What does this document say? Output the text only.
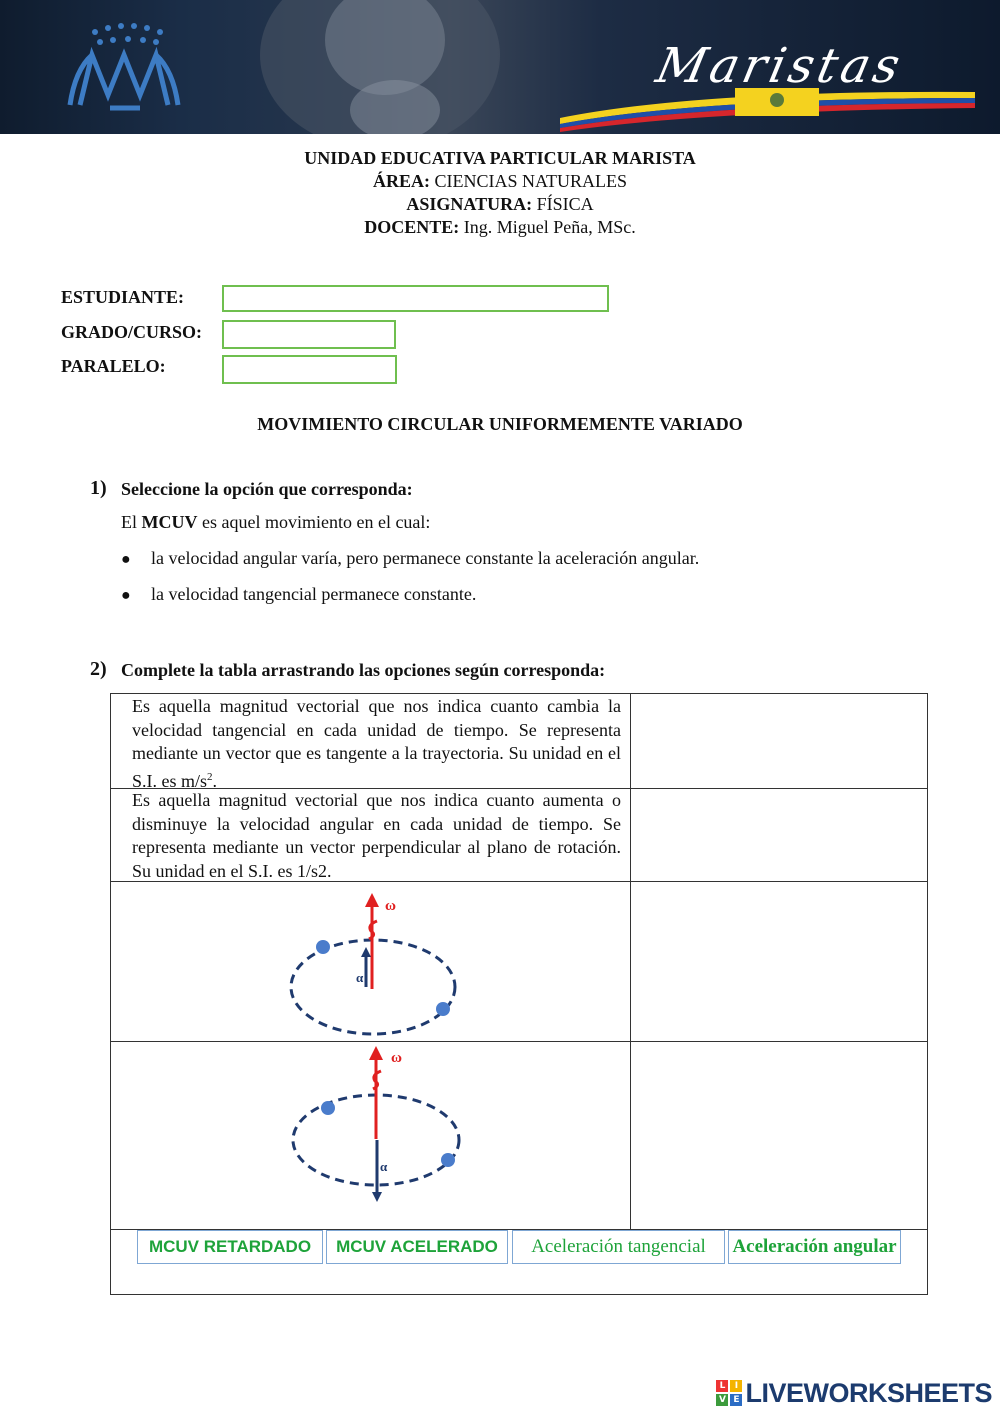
Maristas
UNIDAD EDUCATIVA PARTICULAR MARISTA
ÁREA: CIENCIAS NATURALES
ASIGNATURA: FÍSICA
DOCENTE: Ing. Miguel Peña, MSc.
ESTUDIANTE:
GRADO/CURSO:
PARALELO:
MOVIMIENTO CIRCULAR UNIFORMEMENTE VARIADO
1) Seleccione la opción que corresponda:
El MCUV es aquel movimiento en el cual:
● la velocidad angular varía, pero permanece constante la aceleración angular.
● la velocidad tangencial permanece constante.
2) Complete la tabla arrastrando las opciones según corresponda:
Es aquella magnitud vectorial que nos indica cuanto cambia la velocidad tangencial en cada unidad de tiempo. Se representa mediante un vector que es tangente a la trayectoria. Su unidad en el S.I. es $m/s^2$.
Es aquella magnitud vectorial que nos indica cuanto aumenta o disminuye la velocidad angular en cada unidad de tiempo. Se representa mediante un vector perpendicular al plano de rotación. Su unidad en el S.I. es 1/s2.
ω
α
ω
α
MCUV RETARDADO	MCUV ACELERADO	Aceleración tangencial	Aceleración angular
L	I
V E LIVEWORKSHEETS
